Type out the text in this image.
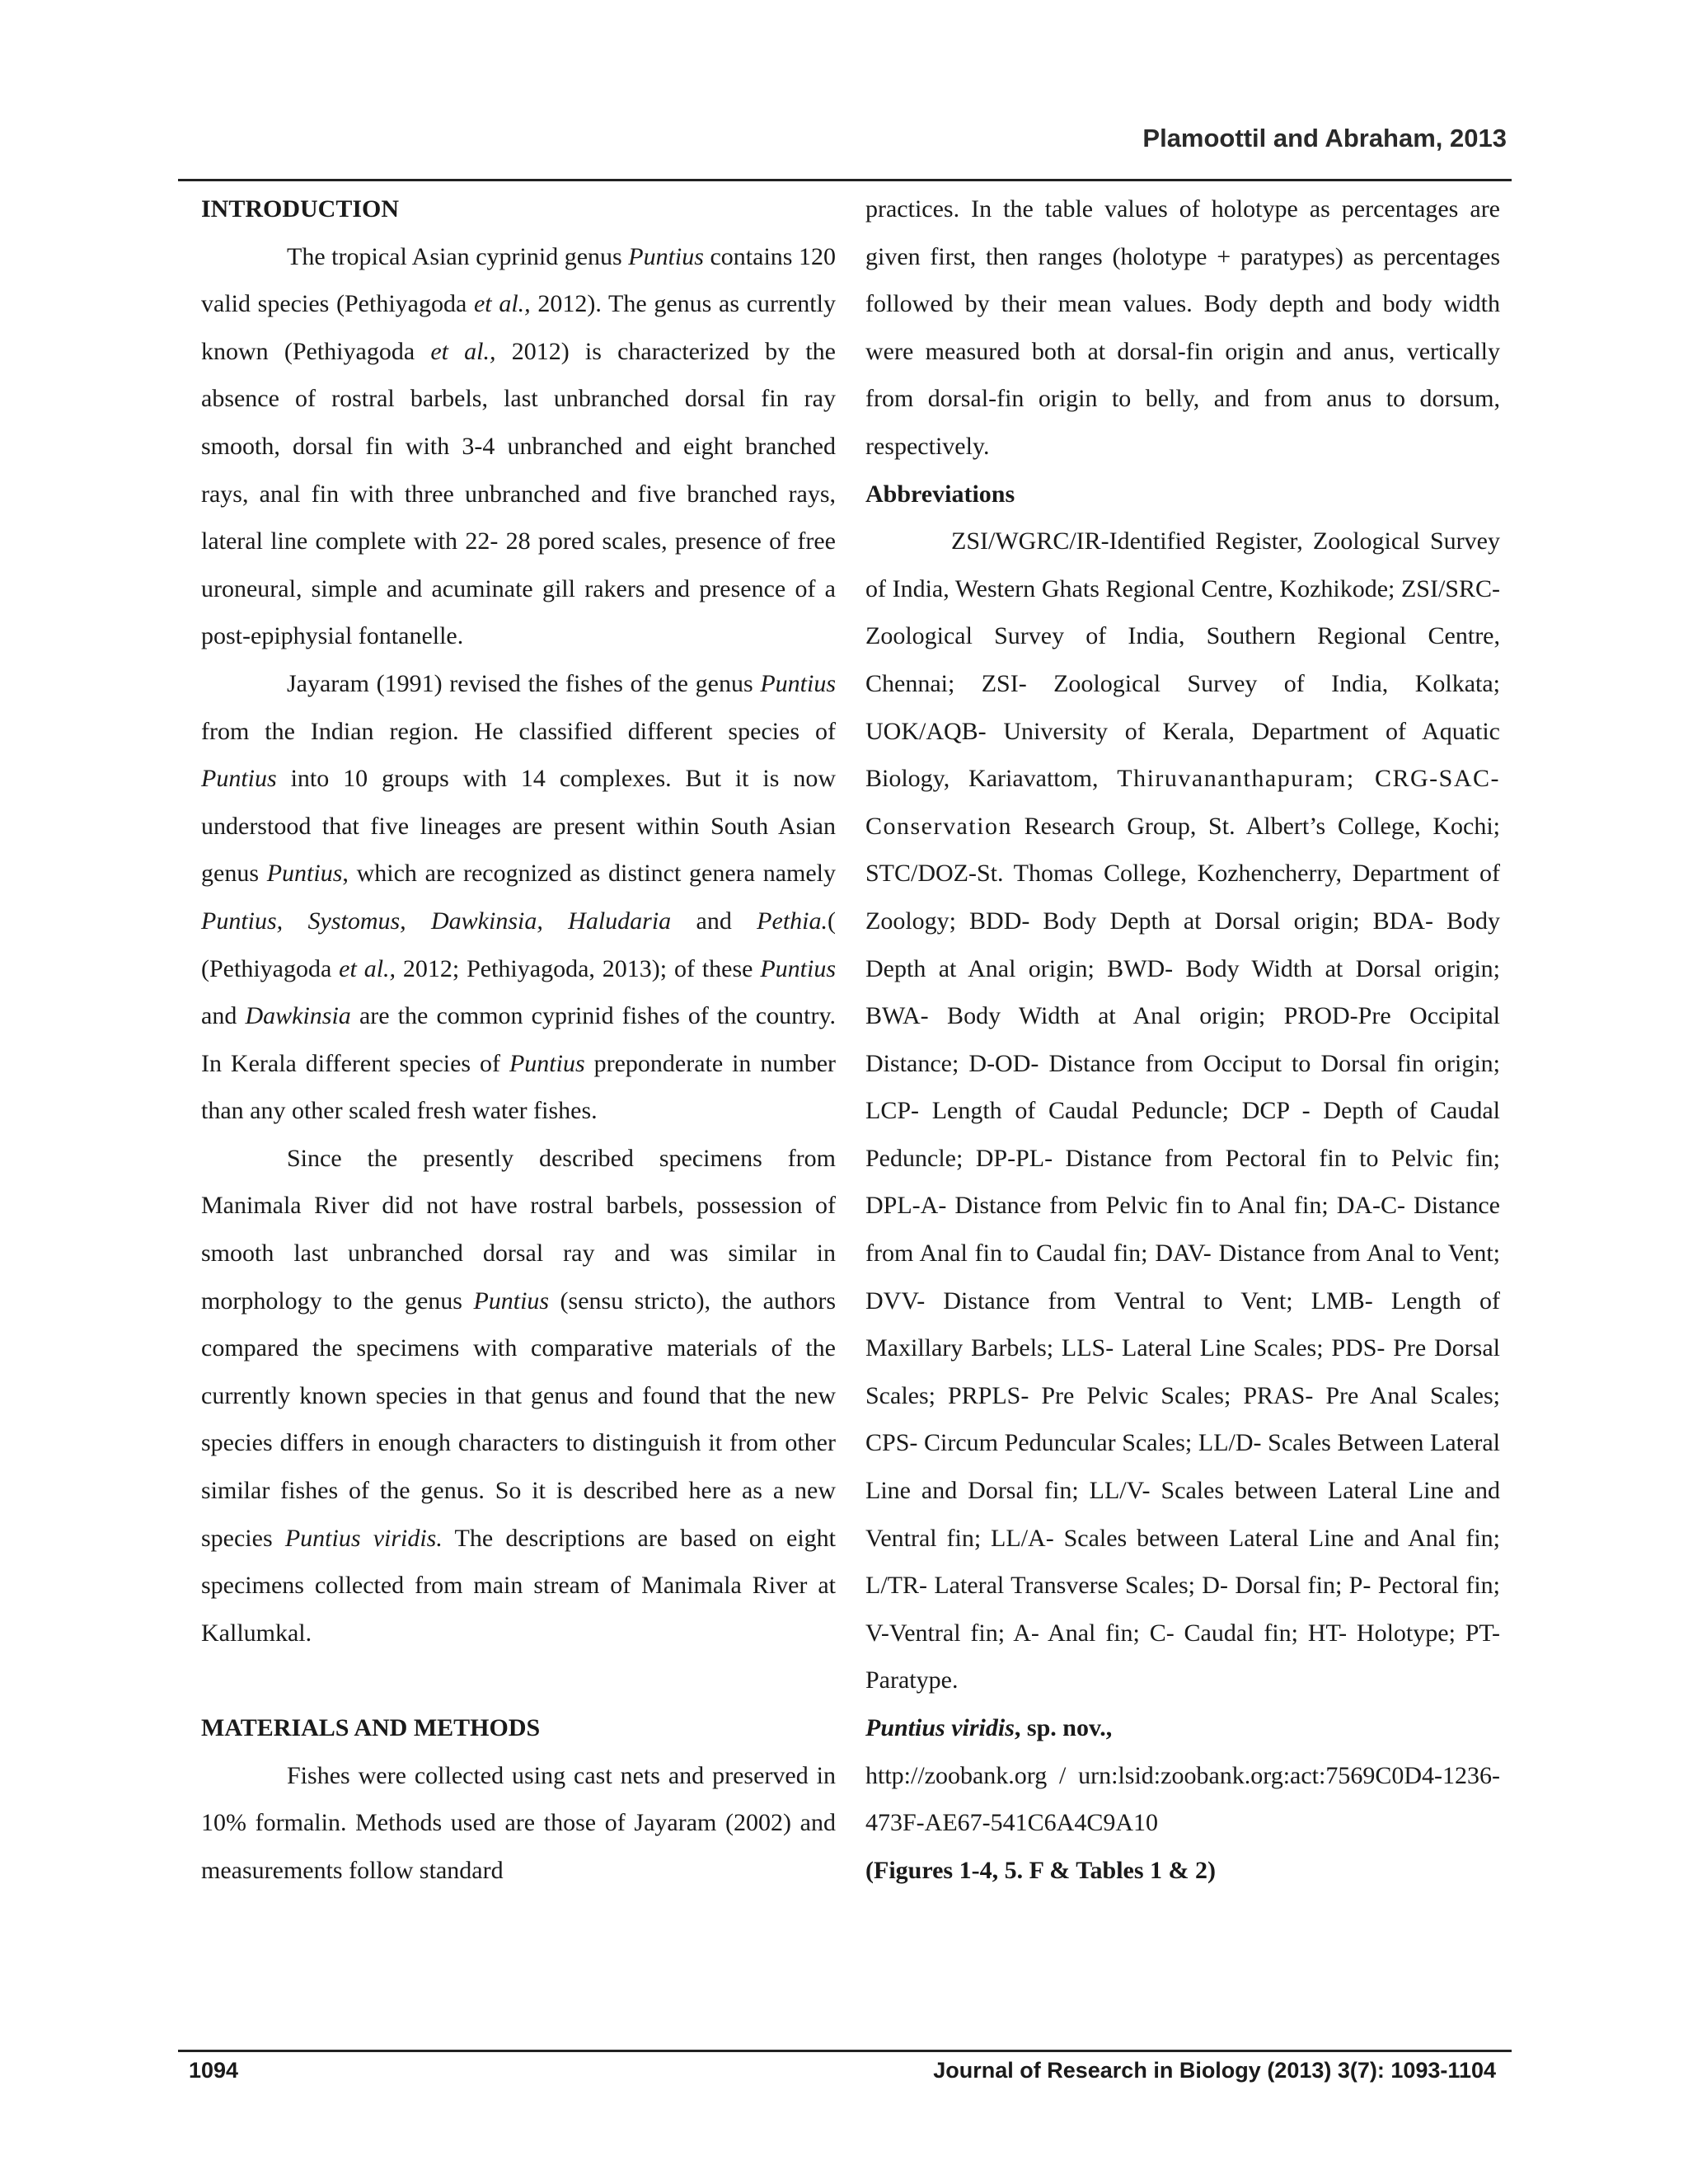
Plamoottil and Abraham, 2013
INTRODUCTION

The tropical Asian cyprinid genus Puntius contains 120 valid species (Pethiyagoda et al., 2012). The genus as currently known (Pethiyagoda et al., 2012) is characterized by the absence of rostral barbels, last unbranched dorsal fin ray smooth, dorsal fin with 3-4 unbranched and eight branched rays, anal fin with three unbranched and five branched rays, lateral line complete with 22- 28 pored scales, presence of free uroneural, simple and acuminate gill rakers and presence of a post-epiphysial fontanelle.

Jayaram (1991) revised the fishes of the genus Puntius from the Indian region. He classified different species of Puntius into 10 groups with 14 complexes. But it is now understood that five lineages are present within South Asian genus Puntius, which are recognized as distinct genera namely Puntius, Systomus, Dawkinsia, Haludaria and Pethia.( (Pethiyagoda et al., 2012; Pethiyagoda, 2013); of these Puntius and Dawkinsia are the common cyprinid fishes of the country. In Kerala different species of Puntius preponderate in number than any other scaled fresh water fishes.

Since the presently described specimens from Manimala River did not have rostral barbels, possession of smooth last unbranched dorsal ray and was similar in morphology to the genus Puntius (sensu stricto), the authors compared the specimens with comparative materials of the currently known species in that genus and found that the new species differs in enough characters to distinguish it from other similar fishes of the genus. So it is described here as a new species Puntius viridis. The descriptions are based on eight specimens collected from main stream of Manimala River at Kallumkal.

MATERIALS AND METHODS

Fishes were collected using cast nets and preserved in 10% formalin. Methods used are those of Jayaram (2002) and measurements follow standard

practices. In the table values of holotype as percentages are given first, then ranges (holotype + paratypes) as percentages followed by their mean values. Body depth and body width were measured both at dorsal-fin origin and anus, vertically from dorsal-fin origin to belly, and from anus to dorsum, respectively.

Abbreviations

ZSI/WGRC/IR-Identified Register, Zoological Survey of India, Western Ghats Regional Centre, Kozhikode; ZSI/SRC-Zoological Survey of India, Southern Regional Centre, Chennai; ZSI- Zoological Survey of India, Kolkata; UOK/AQB- University of Kerala, Department of Aquatic Biology, Kariavattom, Thiruvananthapuram; CRG-SAC- Conservation Research Group, St. Albert’s College, Kochi; STC/DOZ-St. Thomas College, Kozhencherry, Department of Zoology; BDD- Body Depth at Dorsal origin; BDA- Body Depth at Anal origin; BWD- Body Width at Dorsal origin; BWA- Body Width at Anal origin; PROD-Pre Occipital Distance; D-OD- Distance from Occiput to Dorsal fin origin; LCP- Length of Caudal Peduncle; DCP - Depth of Caudal Peduncle; DP-PL- Distance from Pectoral fin to Pelvic fin; DPL-A- Distance from Pelvic fin to Anal fin; DA-C- Distance from Anal fin to Caudal fin; DAV- Distance from Anal to Vent; DVV- Distance from Ventral to Vent; LMB- Length of Maxillary Barbels; LLS- Lateral Line Scales; PDS- Pre Dorsal Scales; PRPLS- Pre Pelvic Scales; PRAS- Pre Anal Scales; CPS- Circum Peduncular Scales; LL/D- Scales Between Lateral Line and Dorsal fin; LL/V- Scales between Lateral Line and Ventral fin; LL/A- Scales between Lateral Line and Anal fin; L/TR- Lateral Transverse Scales; D- Dorsal fin; P- Pectoral fin; V-Ventral fin; A- Anal fin; C- Caudal fin; HT- Holotype; PT- Paratype.

Puntius viridis, sp. nov.,

http://zoobank.org / urn:lsid:zoobank.org:act:7569C0D4-1236-473F-AE67-541C6A4C9A10

(Figures 1-4, 5. F & Tables 1 & 2)

1094	Journal of Research in Biology (2013) 3(7): 1093-1104
